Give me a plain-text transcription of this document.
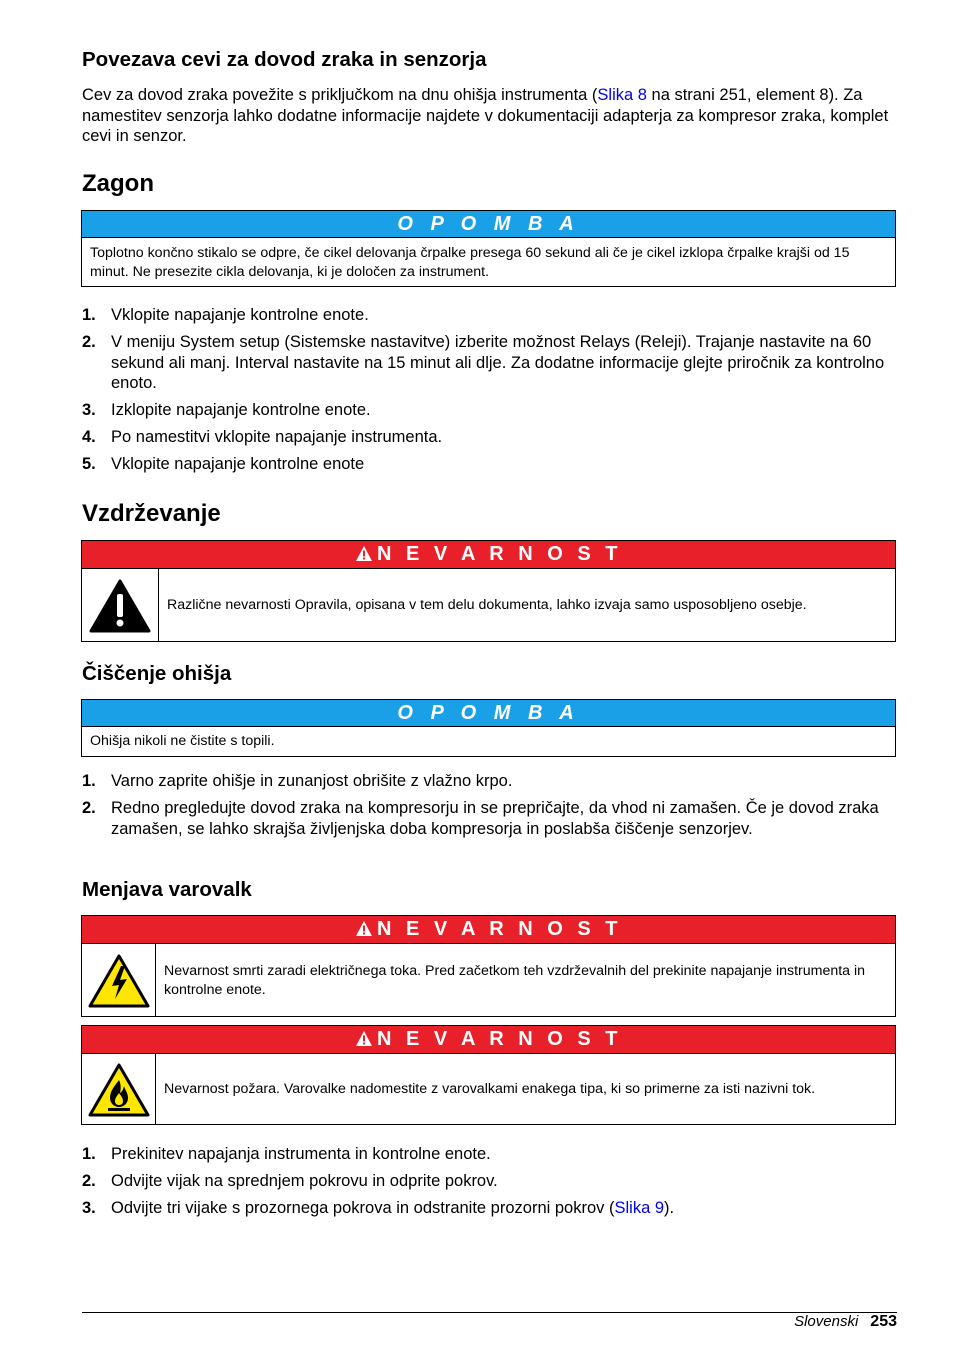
Povezava cevi za dovod zraka in senzorja

Cev za dovod zraka povežite s priključkom na dnu ohišja instrumenta (Slika 8 na strani 251, element 8). Za namestitev senzorja lahko dodatne informacije najdete v dokumentaciji adapterja za kompresor zraka, komplet cevi in senzor.

Zagon
O P O M B A
Toplotno končno stikalo se odpre, če cikel delovanja črpalke presega 60 sekund ali če je cikel izklopa črpalke krajši od 15 minut. Ne presezite cikla delovanja, ki je določen za instrument.
1. Vklopite napajanje kontrolne enote.
2. V meniju System setup (Sistemske nastavitve) izberite možnost Relays (Releji). Trajanje nastavite na 60 sekund ali manj. Interval nastavite na 15 minut ali dlje. Za dodatne informacije glejte priročnik za kontrolno enoto.
3. Izklopite napajanje kontrolne enote.
4. Po namestitvi vklopite napajanje instrumenta.
5. Vklopite napajanje kontrolne enote
Vzdrževanje
N E V A R N O S T
Različne nevarnosti Opravila, opisana v tem delu dokumenta, lahko izvaja samo usposobljeno osebje.
Čiščenje ohišja
O P O M B A
Ohišja nikoli ne čistite s topili.
1. Varno zaprite ohišje in zunanjost obrišite z vlažno krpo.
2. Redno pregledujte dovod zraka na kompresorju in se prepričajte, da vhod ni zamašen. Če je dovod zraka zamašen, se lahko skrajša življenjska doba kompresorja in poslabša čiščenje senzorjev.
Menjava varovalk
N E V A R N O S T
Nevarnost smrti zaradi električnega toka. Pred začetkom teh vzdrževalnih del prekinite napajanje instrumenta in kontrolne enote.
N E V A R N O S T
Nevarnost požara. Varovalke nadomestite z varovalkami enakega tipa, ki so primerne za isti nazivni tok.
1. Prekinitev napajanja instrumenta in kontrolne enote.
2. Odvijte vijak na sprednjem pokrovu in odprite pokrov.
3. Odvijte tri vijake s prozornega pokrova in odstranite prozorni pokrov (Slika 9).
Slovenski 253
